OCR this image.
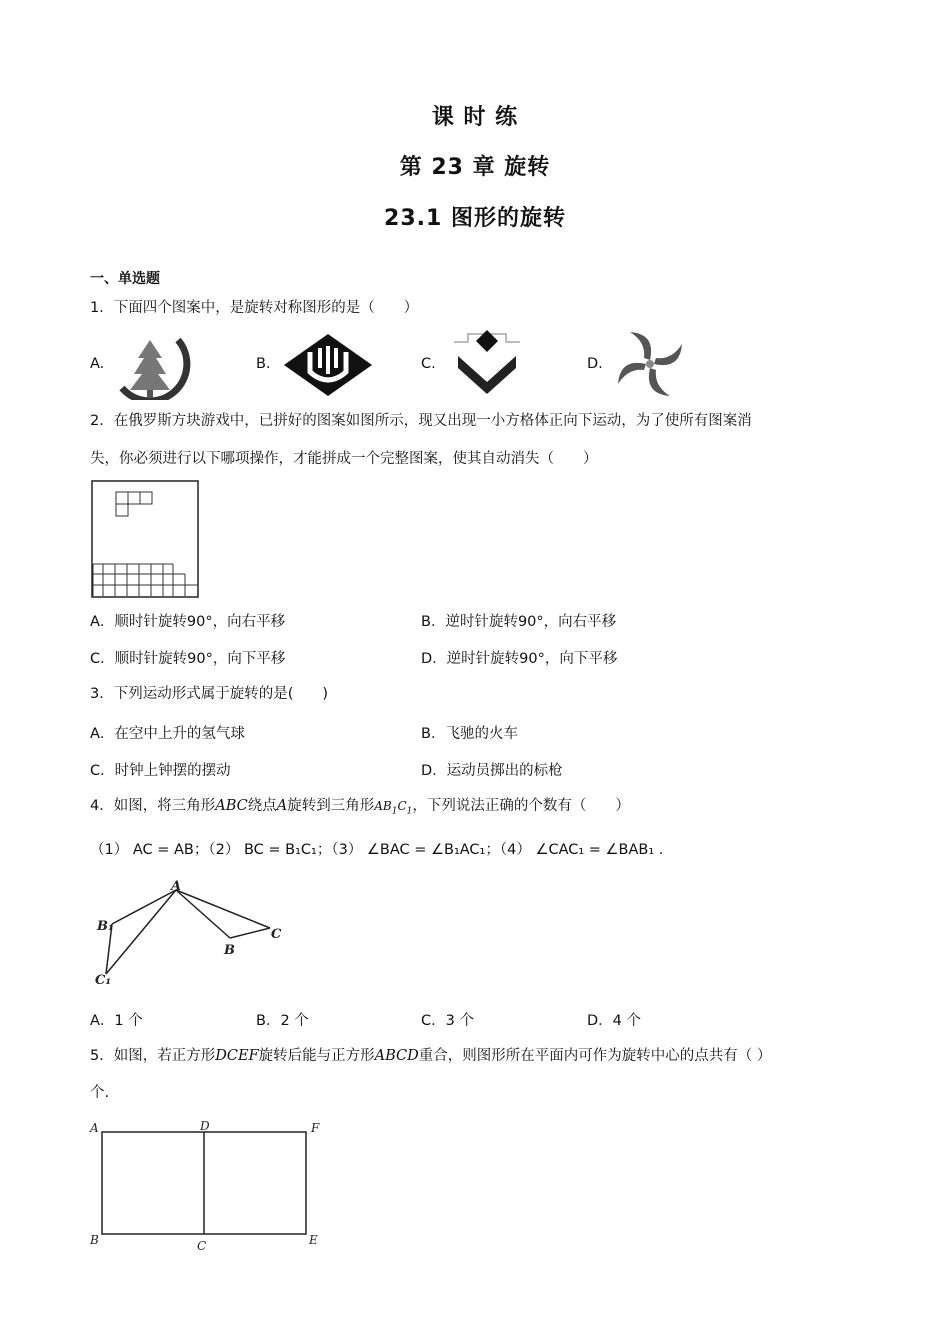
课 时 练
第 23 章 旋转
23.1 图形的旋转
一、单选题
1．下面四个图案中，是旋转对称图形的是（　　）
A.	B.	C.	D.
2．在俄罗斯方块游戏中，已拼好的图案如图所示，现又出现一小方格体正向下运动，为了使所有图案消
失，你必须进行以下哪项操作，才能拼成一个完整图案，使其自动消失（　　）
A．顺时针旋转90°，向右平移	B．逆时针旋转90°，向右平移
C．顺时针旋转90°，向下平移	D．逆时针旋转90°，向下平移
3．下列运动形式属于旋转的是(　　)
A．在空中上升的氢气球	B．飞驰的火车
C．时钟上钟摆的摆动	D．运动员掷出的标枪
4．如图，将三角形ABC绕点A旋转到三角形$AB_1C_1$，下列说法正确的个数有（　　）
（1） AC = AB；（2） BC = B₁C₁；（3） ∠BAC = ∠B₁AC₁；（4） ∠CAC₁ = ∠BAB₁ .
A
B₁
C₁
B
C
A．1 个	B．2 个	C．3 个	D．4 个
5．如图，若正方形DCEF旋转后能与正方形ABCD重合，则图形所在平面内可作为旋转中心的点共有（ ）
个.
A	D	F
B	C	E
